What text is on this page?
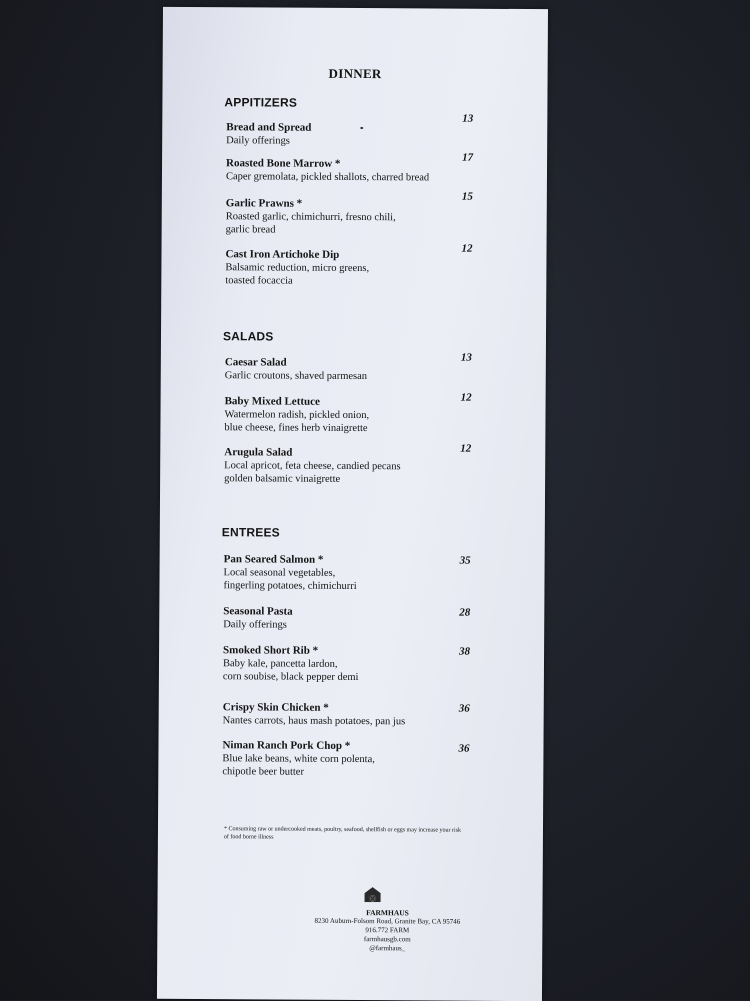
DINNER
APPITIZERS
Bread and Spread
Daily offerings
13
Roasted Bone Marrow *
Caper gremolata, pickled shallots, charred bread
17
Garlic Prawns *
Roasted garlic, chimichurri, fresno chili,
garlic bread
15
Cast Iron Artichoke Dip
Balsamic reduction, micro greens,
toasted focaccia
12
SALADS
Caesar Salad
Garlic croutons, shaved parmesan
13
Baby Mixed Lettuce
Watermelon radish, pickled onion,
blue cheese, fines herb vinaigrette
12
Arugula Salad
Local apricot, feta cheese, candied pecans
golden balsamic vinaigrette
12
ENTREES
Pan Seared Salmon *
Local seasonal vegetables,
fingerling potatoes, chimichurri
35
Seasonal Pasta
Daily offerings
28
Smoked Short Rib *
Baby kale, pancetta lardon,
corn soubise, black pepper demi
38
Crispy Skin Chicken *
Nantes carrots, haus mash potatoes, pan jus
36
Niman Ranch Pork Chop *
Blue lake beans, white corn polenta,
chipotle beer butter
36
* Consuming raw or undercooked meats, poultry, seafood, shellfish or eggs may increase your risk
of food borne illness
FARMHAUS
8230 Auburn-Folsom Road, Granite Bay, CA 95746
916.772 FARM
farmhausgb.com
@farmhaus_
